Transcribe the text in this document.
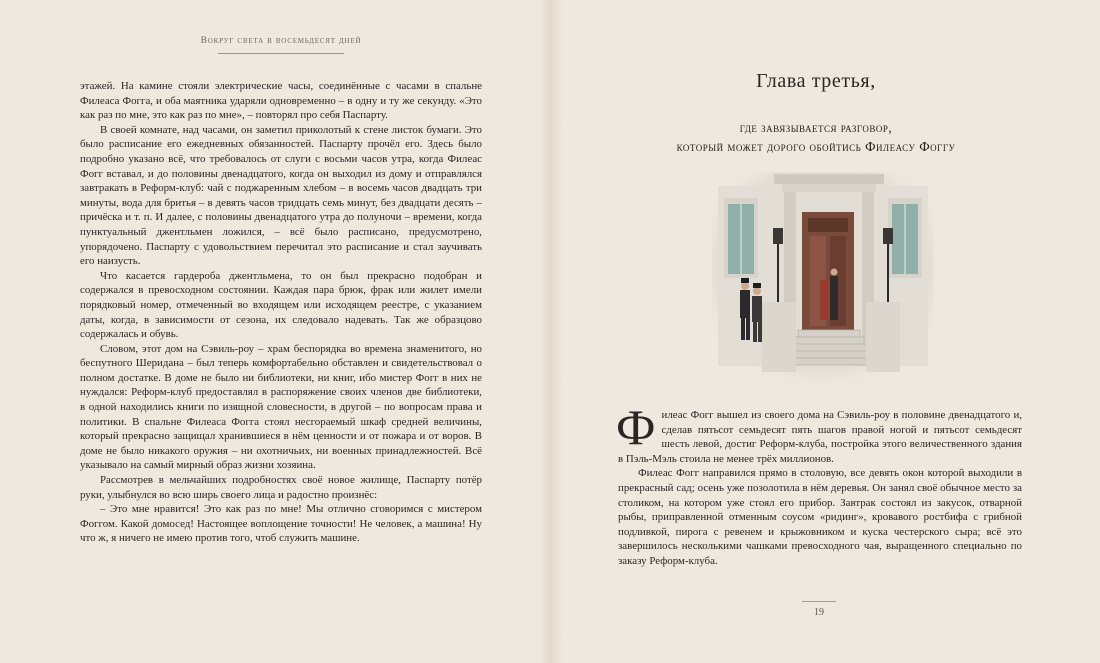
Вокруг света в восемьдесят дней

этажей. На камине стояли электрические часы, соединённые с часами в спальне Филеаса Фогга, и оба маятника ударяли одновременно – в одну и ту же секунду. «Это как раз по мне, это как раз по мне», – повторял про себя Паспарту.

В своей комнате, над часами, он заметил приколотый к стене листок бумаги. Это было расписание его ежедневных обязанностей. Паспарту прочёл его. Здесь было подробно указано всё, что требовалось от слуги с восьми часов утра, когда Филеас Фогг вставал, и до половины двенадцатого, когда он выходил из дому и отправлялся завтракать в Реформ-клуб: чай с поджаренным хлебом – в восемь часов двадцать три минуты, вода для бритья – в девять часов тридцать семь минут, без двадцати десять – причёска и т. п. И далее, с половины двенадцатого утра до полуночи – времени, когда пунктуальный джентльмен ложился, – всё было расписано, предусмотрено, упорядочено. Паспарту с удовольствием перечитал это расписание и стал заучивать его наизусть.

Что касается гардероба джентльмена, то он был прекрасно подобран и содержался в превосходном состоянии. Каждая пара брюк, фрак или жилет имели порядковый номер, отмеченный во входящем или исходящем реестре, с указанием даты, когда, в зависимости от сезона, их следовало надевать. Так же образцово содержалась и обувь.

Словом, этот дом на Сэвиль-роу – храм беспорядка во времена знаменитого, но беспутного Шеридана – был теперь комфортабельно обставлен и свидетельствовал о полном достатке. В доме не было ни библиотеки, ни книг, ибо мистер Фогг в них не нуждался: Реформ-клуб предоставлял в распоряжение своих членов две библиотеки, в одной находились книги по изящной словесности, в другой – по вопросам права и политики. В спальне Филеаса Фогга стоял несгораемый шкаф средней величины, который прекрасно защищал хранившиеся в нём ценности и от пожара и от воров. В доме не было никакого оружия – ни охотничьих, ни военных принадлежностей. Всё указывало на самый мирный образ жизни хозяина.

Рассмотрев в мельчайших подробностях своё новое жилище, Паспарту потёр руки, улыбнулся во всю ширь своего лица и радостно произнёс:

– Это мне нравится! Это как раз по мне! Мы отлично сговоримся с мистером Фоггом. Какой домосед! Настоящее воплощение точности! Не человек, а машина! Ну что ж, я ничего не имею против того, чтоб служить машине.

Глава третья,
где завязывается разговор,
который может дорого обойтись Филеасу Фоггу

Филеас Фогг вышел из своего дома на Сэвиль-роу в половине двенадцатого и, сделав пятьсот семьдесят пять шагов правой ногой и пятьсот семьдесят шесть левой, достиг Реформ-клуба, постройка этого величественного здания в Пэль-Мэль стоила не менее трёх миллионов.

Филеас Фогг направился прямо в столовую, все девять окон которой выходили в прекрасный сад; осень уже позолотила в нём деревья. Он занял своё обычное место за столиком, на котором уже стоял его прибор. Завтрак состоял из закусок, отварной рыбы, приправленной отменным соусом «ридинг», кровавого ростбифа с грибной подливкой, пирога с ревенем и крыжовником и куска честерского сыра; всё это завершилось несколькими чашками превосходного чая, выращенного специально по заказу Реформ-клуба.

19
